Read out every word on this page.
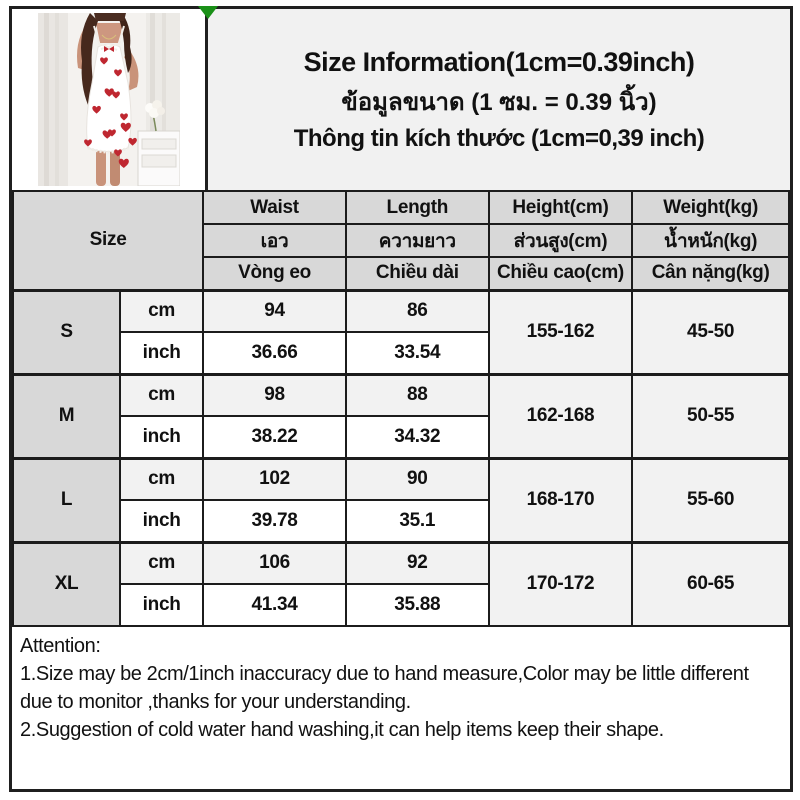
Size Information(1cm=0.39inch)
ข้อมูลขนาด (1 ซม. = 0.39 นิ้ว)
Thông tin kích thước (1cm=0,39 inch)
Size		Waist	Length	Height(cm)	Weight(kg)
		เอว	ความยาว	ส่วนสูง(cm)	น้ำหนัก(kg)
		Vòng eo	Chiều dài	Chiều cao(cm)	Cân nặng(kg)
S	cm	94	86	155-162	45-50
	inch	36.66	33.54		
M	cm	98	88	162-168	50-55
	inch	38.22	34.32		
L	cm	102	90	168-170	55-60
	inch	39.78	35.1		
XL	cm	106	92	170-172	60-65
	inch	41.34	35.88		
Attention:

1.Size may be 2cm/1inch inaccuracy due to hand measure,Color may be little different due to monitor ,thanks for your understanding.

2.Suggestion of cold water hand washing,it can help items keep their shape.
